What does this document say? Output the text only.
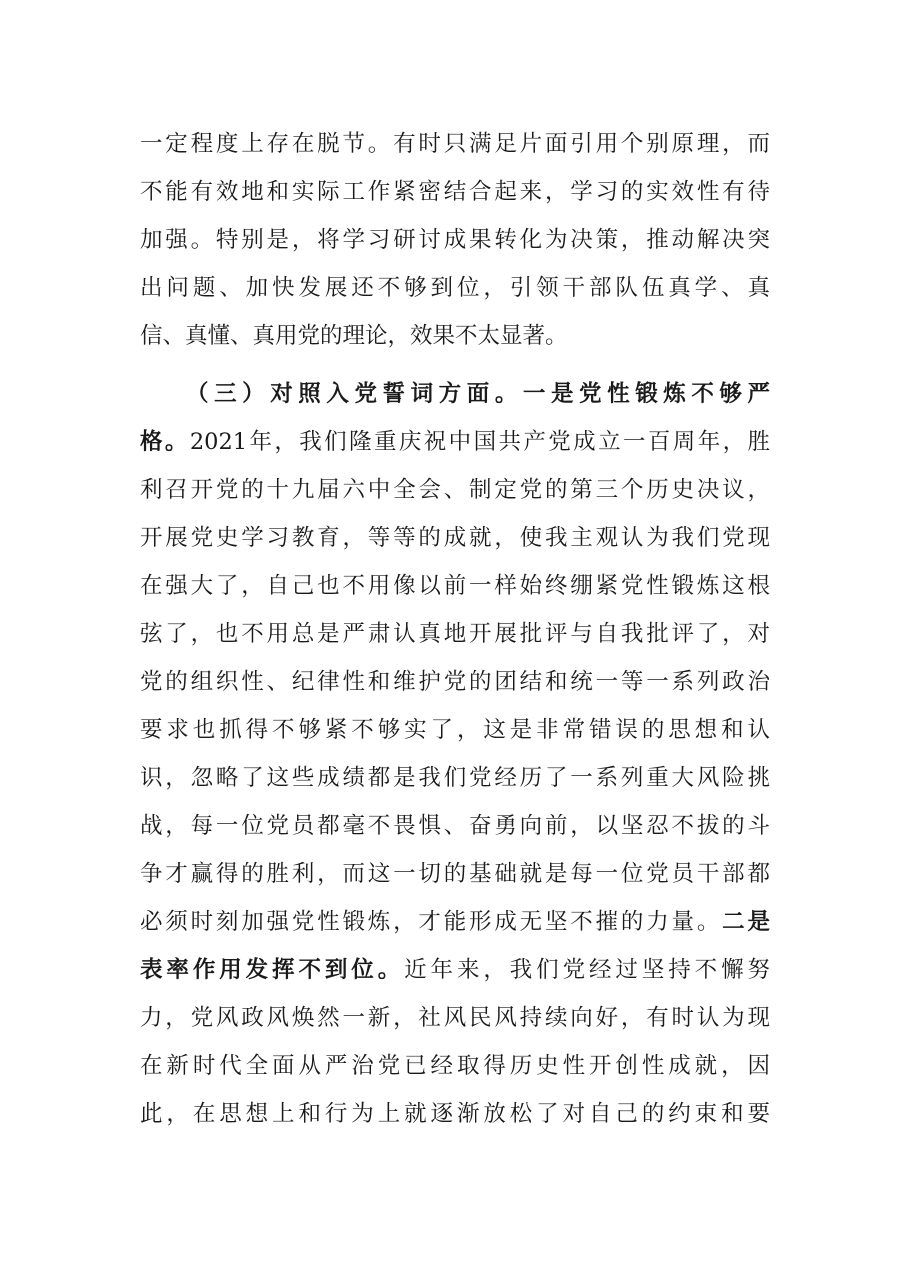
一定程度上存在脱节。有时只满足片面引用个别原理，而
不能有效地和实际工作紧密结合起来，学习的实效性有待
加强。特别是，将学习研讨成果转化为决策，推动解决突
出问题、加快发展还不够到位，引领干部队伍真学、真
信、真懂、真用党的理论，效果不太显著。
（三）对照入党誓词方面。一是党性锻炼不够严
格。2021年，我们隆重庆祝中国共产党成立一百周年，胜
利召开党的十九届六中全会、制定党的第三个历史决议，
开展党史学习教育，等等的成就，使我主观认为我们党现
在强大了，自己也不用像以前一样始终绷紧党性锻炼这根
弦了，也不用总是严肃认真地开展批评与自我批评了，对
党的组织性、纪律性和维护党的团结和统一等一系列政治
要求也抓得不够紧不够实了，这是非常错误的思想和认
识，忽略了这些成绩都是我们党经历了一系列重大风险挑
战，每一位党员都毫不畏惧、奋勇向前，以坚忍不拔的斗
争才赢得的胜利，而这一切的基础就是每一位党员干部都
必须时刻加强党性锻炼，才能形成无坚不摧的力量。二是
表率作用发挥不到位。近年来，我们党经过坚持不懈努
力，党风政风焕然一新，社风民风持续向好，有时认为现
在新时代全面从严治党已经取得历史性开创性成就，因
此，在思想上和行为上就逐渐放松了对自己的约束和要
